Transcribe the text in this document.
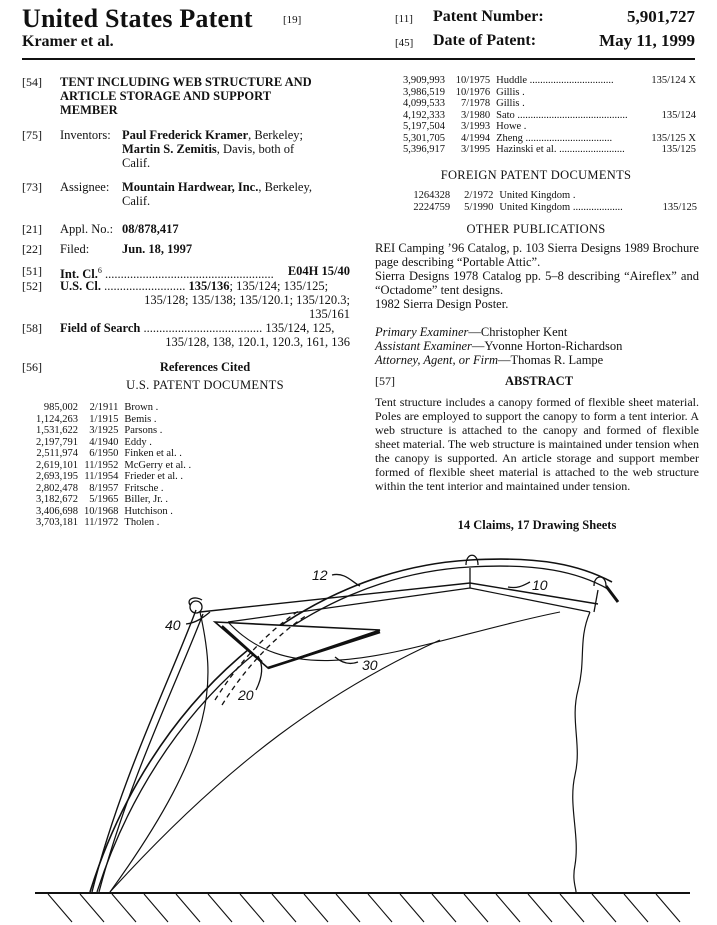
United States Patent	[19]
Kramer et al.
[11] Patent Number:	5,901,727
[45] Date of Patent:	May 11, 1999
[54] TENT INCLUDING WEB STRUCTURE AND
ARTICLE STORAGE AND SUPPORT
MEMBER
[75] Inventors: Paul Frederick Kramer, Berkeley;
Martin S. Zemitis, Davis, both of
Calif.
[73] Assignee: Mountain Hardwear, Inc., Berkeley,
Calif.
[21] Appl. No.: 08/878,417
[22] Filed:	Jun. 18, 1997
[51] Int. Cl.$^6$ ......................................................	E04H 15/40
[52] U.S. Cl. .......................... 135/136; 135/124; 135/125;
135/128; 135/138; 135/120.1; 135/120.3;
135/161
[58] Field of Search ...................................... 135/124, 125,
135/128, 138, 120.1, 120.3, 161, 136
[56]	References Cited
U.S. PATENT DOCUMENTS
985,002	2/1911	Brown .	
1,124,263	1/1915	Bemis .	
1,531,622	3/1925	Parsons .	
2,197,791	4/1940	Eddy .	
2,511,974	6/1950	Finken et al. .	
2,619,101	11/1952	McGerry et al. .	
2,693,195	11/1954	Frieder et al. .	
2,802,478	8/1957	Fritsche .	
3,182,672	5/1965	Biller, Jr. .	
3,406,698	10/1968	Hutchison .	
3,703,181	11/1972	Tholen .	
3,909,993	10/1975	Huddle ................................	135/124 X
3,986,519	10/1976	Gillis .	
4,099,533	7/1978	Gillis .	
4,192,333	3/1980	Sato ..........................................	135/124
5,197,504	3/1993	Howe .	
5,301,705	4/1994	Zheng .................................	135/125 X
5,396,917	3/1995	Hazinski et al. .........................	135/125
FOREIGN PATENT DOCUMENTS
1264328	2/1972	United Kingdom .	
2224759	5/1990	United Kingdom ...................	135/125
OTHER PUBLICATIONS
REI Camping ’96 Catalog, p. 103 Sierra Designs 1989 Brochure page describing “Portable Attic”.
Sierra Designs 1978 Catalog pp. 5–8 describing “Aireflex” and “Octadome” tent designs.
1982 Sierra Design Poster.
Primary Examiner—Christopher Kent
Assistant Examiner—Yvonne Horton-Richardson
Attorney, Agent, or Firm—Thomas R. Lampe
[57]	ABSTRACT
Tent structure includes a canopy formed of flexible sheet material. Poles are employed to support the canopy to form a tent interior. A web structure is attached to the canopy and formed of flexible sheet material. The web structure is maintained under tension when the canopy is supported. An article storage and support member formed of flexible sheet material is attached to the web structure within the tent interior and maintained under tension.
14 Claims, 17 Drawing Sheets
12
10
40
30
20
